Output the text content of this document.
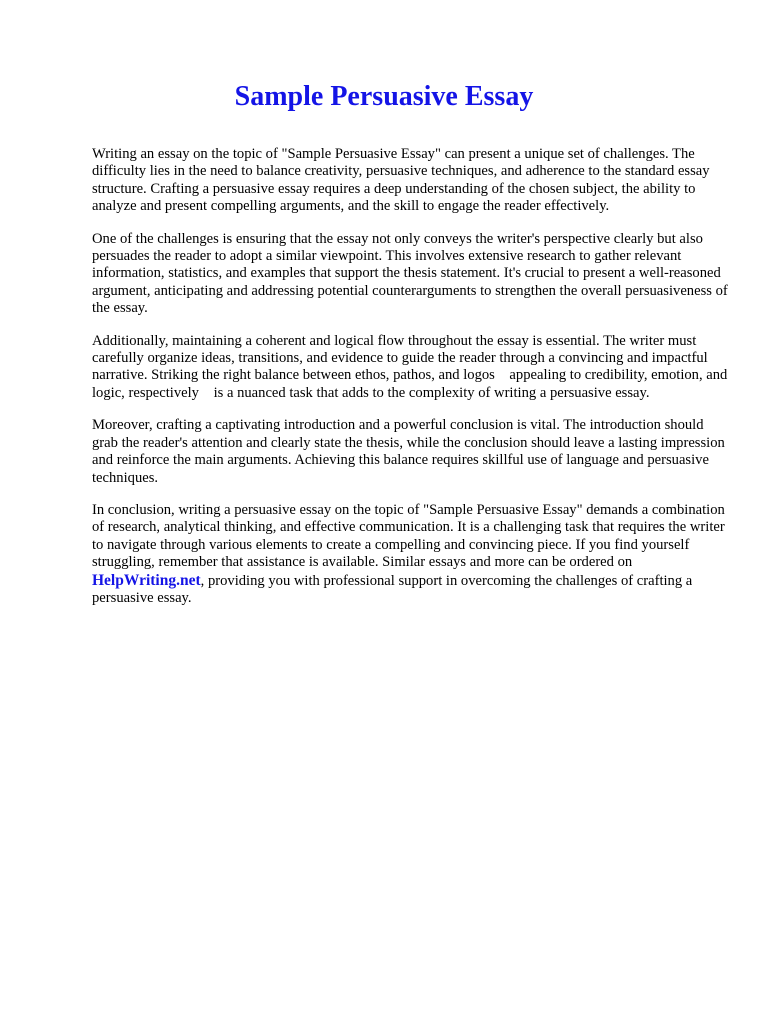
Sample Persuasive Essay

Writing an essay on the topic of "Sample Persuasive Essay" can present a unique set of challenges. The difficulty lies in the need to balance creativity, persuasive techniques, and adherence to the standard essay structure. Crafting a persuasive essay requires a deep understanding of the chosen subject, the ability to analyze and present compelling arguments, and the skill to engage the reader effectively.

One of the challenges is ensuring that the essay not only conveys the writer's perspective clearly but also persuades the reader to adopt a similar viewpoint. This involves extensive research to gather relevant information, statistics, and examples that support the thesis statement. It's crucial to present a well-reasoned argument, anticipating and addressing potential counterarguments to strengthen the overall persuasiveness of the essay.

Additionally, maintaining a coherent and logical flow throughout the essay is essential. The writer must carefully organize ideas, transitions, and evidence to guide the reader through a convincing and impactful narrative. Striking the right balance between ethos, pathos, and logos    appealing to credibility, emotion, and logic, respectively    is a nuanced task that adds to the complexity of writing a persuasive essay.

Moreover, crafting a captivating introduction and a powerful conclusion is vital. The introduction should grab the reader's attention and clearly state the thesis, while the conclusion should leave a lasting impression and reinforce the main arguments. Achieving this balance requires skillful use of language and persuasive techniques.

In conclusion, writing a persuasive essay on the topic of "Sample Persuasive Essay" demands a combination of research, analytical thinking, and effective communication. It is a challenging task that requires the writer to navigate through various elements to create a compelling and convincing piece. If you find yourself struggling, remember that assistance is available. Similar essays and more can be ordered on HelpWriting.net, providing you with professional support in overcoming the challenges of crafting a persuasive essay.
